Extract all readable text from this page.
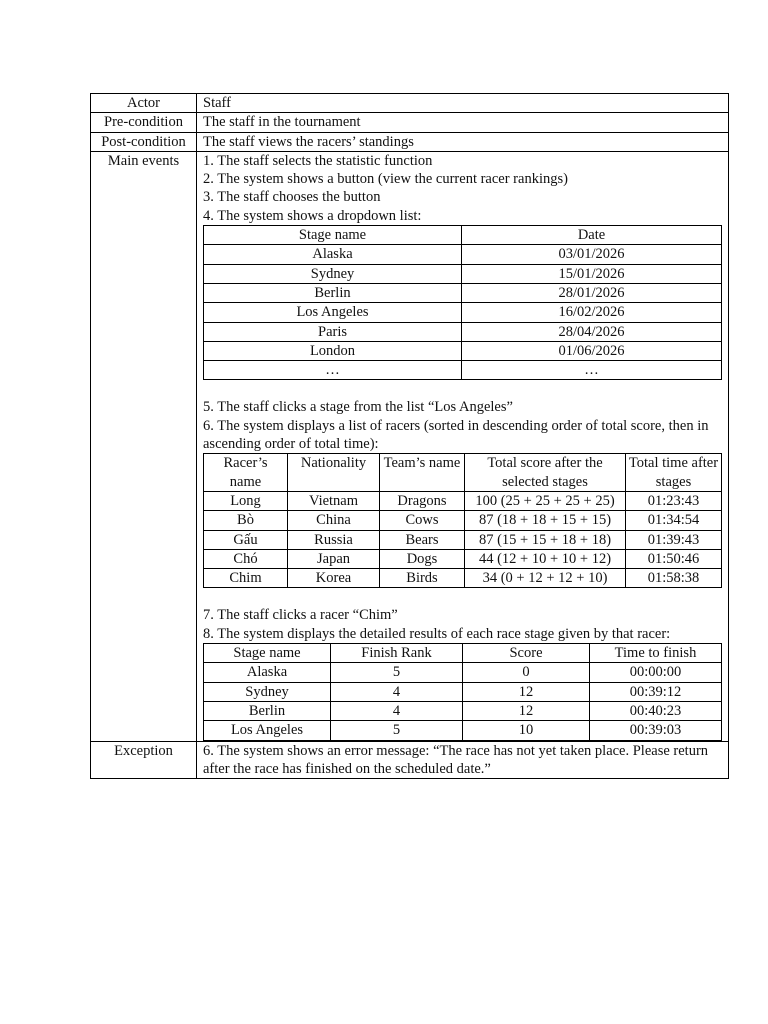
Actor	Staff
Pre-condition	The staff in the tournament
Post-condition	The staff views the racers’ standings
Main events	1. The staff selects the statistic function
2. The system shows a button (view the current racer rankings)
3. The staff chooses the button
4. The system shows a dropdown list:
Stage name	Date
Alaska	03/01/2026
Sydney	15/01/2026
Berlin	28/01/2026
Los Angeles	16/02/2026
Paris	28/04/2026
London	01/06/2026
…	…
5. The staff clicks a stage from the list “Los Angeles”
6. The system displays a list of racers (sorted in descending order of total score, then in ascending order of total time):
Racer’s name	Nationality	Team’s name	Total score after the selected stages	Total time after stages
Long	Vietnam	Dragons	100 (25 + 25 + 25 + 25)	01:23:43
Bò	China	Cows	87 (18 + 18 + 15 + 15)	01:34:54
Gấu	Russia	Bears	87 (15 + 15 + 18 + 18)	01:39:43
Chó	Japan	Dogs	44 (12 + 10 + 10 + 12)	01:50:46
Chim	Korea	Birds	34 (0 + 12 + 12 + 10)	01:58:38
7. The staff clicks a racer “Chim”
8. The system displays the detailed results of each race stage given by that racer:
Stage name	Finish Rank	Score	Time to finish
Alaska	5	0	00:00:00
Sydney	4	12	00:39:12
Berlin	4	12	00:40:23
Los Angeles	5	10	00:39:03

Exception	6. The system shows an error message: “The race has not yet taken place. Please return after the race has finished on the scheduled date.”
